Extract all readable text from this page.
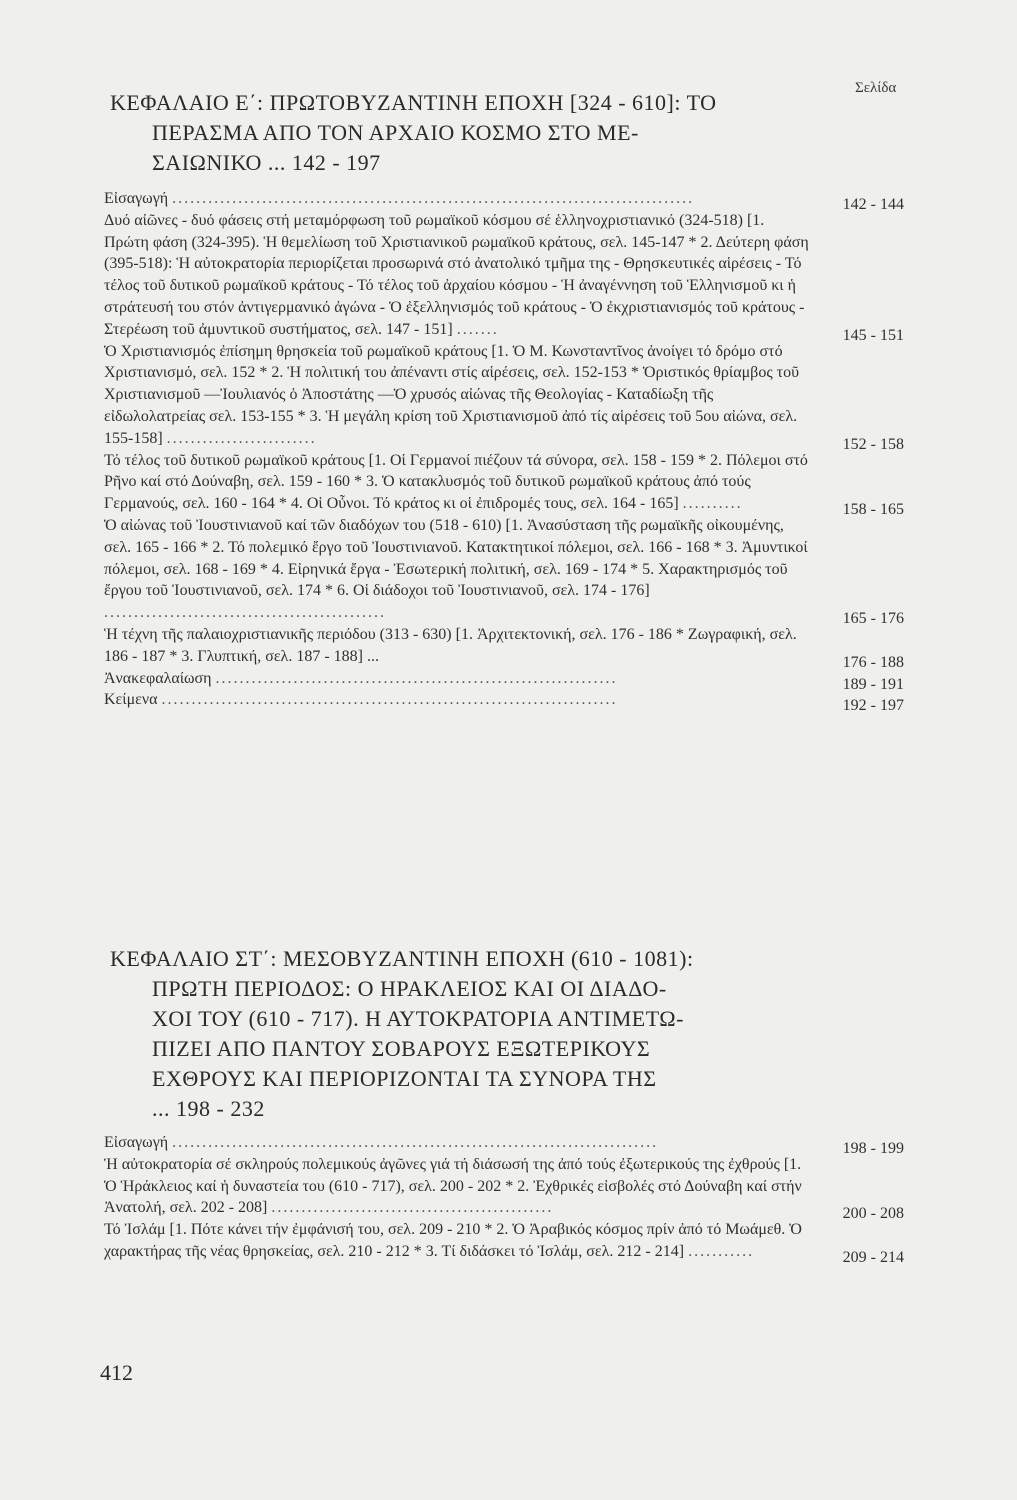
Σελίδα
ΚΕΦΑΛΑΙΟ Ε΄: ΠΡΩΤΟΒΥΖΑΝΤΙΝΗ ΕΠΟΧΗ [324 - 610]: ΤΟ
ΠΕΡΑΣΜΑ ΑΠΟ ΤΟΝ ΑΡΧΑΙΟ ΚΟΣΜΟ ΣΤΟ ΜΕ-
ΣΑΙΩΝΙΚΟ ... 142 - 197
Εἰσαγωγή .......................................................................................	142 - 144
Δυό αἰῶνες - δυό φάσεις στή μεταμόρφωση τοῦ ρωμαϊκοῦ κόσμου σέ ἑλληνοχριστιανικό (324-518) [1. Πρώτη φάση (324-395). Ἡ θεμελίωση τοῦ Χριστιανικοῦ ρωμαϊκοῦ κράτους, σελ. 145-147 * 2. Δεύτερη φάση (395-518): Ἡ αὐτοκρατορία περιορίζεται προσωρινά στό ἀνατολικό τμῆμα της - Θρησκευτικές αἱρέσεις - Τό τέλος τοῦ δυτικοῦ ρωμαϊκοῦ κράτους - Τό τέλος τοῦ ἀρχαίου κόσμου - Ἡ ἀναγέννηση τοῦ Ἑλληνισμοῦ κι ἡ στράτευσή του στόν ἀντιγερμανικό ἀγώνα - Ὁ ἐξελληνισμός τοῦ κράτους - Ὁ ἐκχριστιανισμός τοῦ κράτους - Στερέωση τοῦ ἀμυντικοῦ συστήματος, σελ. 147 - 151] .......	145 - 151
Ὁ Χριστιανισμός ἐπίσημη θρησκεία τοῦ ρωμαϊκοῦ κράτους [1. Ὁ Μ. Κωνσταντῖνος ἀνοίγει τό δρόμο στό Χριστιανισμό, σελ. 152 * 2. Ἡ πολιτική του ἀπέναντι στίς αἱρέσεις, σελ. 152-153 * Ὁριστικός θρίαμβος τοῦ Χριστιανισμοῦ —Ἰουλιανός ὁ Ἀποστάτης —Ὁ χρυσός αἰώνας τῆς Θεολογίας - Καταδίωξη τῆς εἰδωλολατρείας σελ. 153-155 * 3. Ἡ μεγάλη κρίση τοῦ Χριστιανισμοῦ ἀπό τίς αἱρέσεις τοῦ 5ου αἰώνα, σελ. 155-158] .........................	152 - 158
Τό τέλος τοῦ δυτικοῦ ρωμαϊκοῦ κράτους [1. Οἱ Γερμανοί πιέζουν τά σύνορα, σελ. 158 - 159 * 2. Πόλεμοι στό Ρῆνο καί στό Δούναβη, σελ. 159 - 160 * 3. Ὁ κατακλυσμός τοῦ δυτικοῦ ρωμαϊκοῦ κράτους ἀπό τούς Γερμανούς, σελ. 160 - 164 * 4. Οἱ Οὖνοι. Τό κράτος κι οἱ ἐπιδρομές τους, σελ. 164 - 165] ..........	158 - 165
Ὁ αἰώνας τοῦ Ἰουστινιανοῦ καί τῶν διαδόχων του (518 - 610) [1. Ἀνασύσταση τῆς ρωμαϊκῆς οἰκουμένης, σελ. 165 - 166 * 2. Τό πολεμικό ἔργο τοῦ Ἰουστινιανοῦ. Κατακτητικοί πόλεμοι, σελ. 166 - 168 * 3. Ἀμυντικοί πόλεμοι, σελ. 168 - 169 * 4. Εἰρηνικά ἔργα - Ἐσωτερική πολιτική, σελ. 169 - 174 * 5. Χαρακτηρισμός τοῦ ἔργου τοῦ Ἰουστινιανοῦ, σελ. 174 * 6. Οἱ διάδοχοι τοῦ Ἰουστινιανοῦ, σελ. 174 - 176] ...............................................	165 - 176
Ἡ τέχνη τῆς παλαιοχριστιανικῆς περιόδου (313 - 630) [1. Ἀρχιτεκτονική, σελ. 176 - 186 * Ζωγραφική, σελ. 186 - 187 * 3. Γλυπτική, σελ. 187 - 188] ...	176 - 188
Ἀνακεφαλαίωση ...................................................................	189 - 191
Κείμενα ............................................................................	192 - 197
ΚΕΦΑΛΑΙΟ ΣΤ΄: ΜΕΣΟΒΥΖΑΝΤΙΝΗ ΕΠΟΧΗ (610 - 1081):
ΠΡΩΤΗ ΠΕΡΙΟΔΟΣ: Ο ΗΡΑΚΛΕΙΟΣ ΚΑΙ ΟΙ ΔΙΑΔΟ-
ΧΟΙ ΤΟΥ (610 - 717). Η ΑΥΤΟΚΡΑΤΟΡΙΑ ΑΝΤΙΜΕΤΩ-
ΠΙΖΕΙ ΑΠΟ ΠΑΝΤΟΥ ΣΟΒΑΡΟΥΣ ΕΞΩΤΕΡΙΚΟΥΣ
ΕΧΘΡΟΥΣ ΚΑΙ ΠΕΡΙΟΡΙΖΟΝΤΑΙ ΤΑ ΣΥΝΟΡΑ ΤΗΣ
... 198 - 232
Εἰσαγωγή .................................................................................	198 - 199
Ἡ αὐτοκρατορία σέ σκληρούς πολεμικούς ἀγῶνες γιά τή διάσωσή της ἀπό τούς ἐξωτερικούς της ἐχθρούς [1. Ὁ Ἡράκλειος καί ἡ δυναστεία του (610 - 717), σελ. 200 - 202 * 2. Ἐχθρικές εἰσβολές στό Δούναβη καί στήν Ἀνατολή, σελ. 202 - 208] ...............................................	200 - 208
Τό Ἰσλάμ [1. Πότε κάνει τήν ἐμφάνισή του, σελ. 209 - 210 * 2. Ὁ Ἀραβικός κόσμος πρίν ἀπό τό Μωάμεθ. Ὁ χαρακτήρας τῆς νέας θρησκείας, σελ. 210 - 212 * 3. Τί διδάσκει τό Ἰσλάμ, σελ. 212 - 214] ...........	209 - 214
412
